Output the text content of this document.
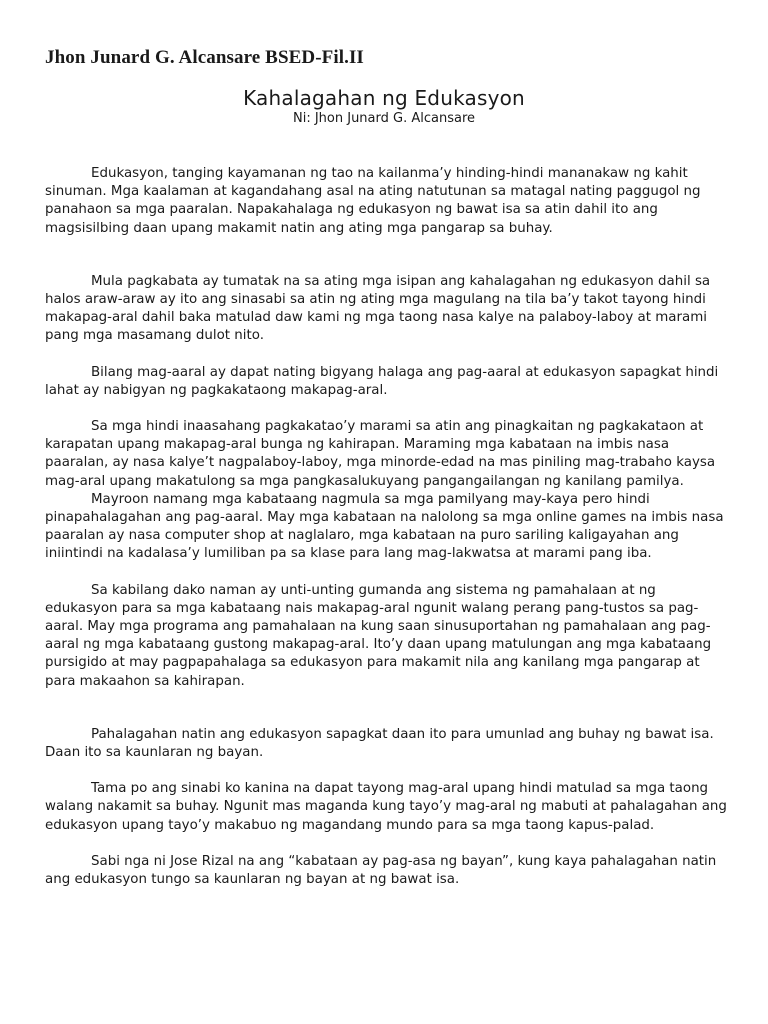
Jhon Junard G. Alcansare BSED-Fil.II
Kahalagahan ng Edukasyon
Ni: Jhon Junard G. Alcansare

Edukasyon, tanging kayamanan ng tao na kailanma’y hinding-hindi mananakaw ng kahit sinuman. Mga kaalaman at kagandahang asal na ating natutunan sa matagal nating paggugol ng panahaon sa mga paaralan. Napakahalaga ng edukasyon ng bawat isa sa atin dahil ito ang magsisilbing daan upang makamit natin ang ating mga pangarap sa buhay.

Mula pagkabata ay tumatak na sa ating mga isipan ang kahalagahan ng edukasyon dahil sa halos araw-araw ay ito ang sinasabi sa atin ng ating mga magulang na tila ba’y takot tayong hindi makapag-aral dahil baka matulad daw kami ng mga taong nasa kalye na palaboy-laboy at marami pang mga masamang dulot nito.

Bilang mag-aaral ay dapat nating bigyang halaga ang pag-aaral at edukasyon sapagkat hindi lahat ay nabigyan ng pagkakataong makapag-aral.

Sa mga hindi inaasahang pagkakatao’y marami sa atin ang pinagkaitan ng pagkakataon at karapatan upang makapag-aral bunga ng kahirapan. Maraming mga kabataan na imbis nasa paaralan, ay nasa kalye’t nagpalaboy-laboy, mga minorde-edad na mas piniling mag-trabaho kaysa mag-aral upang makatulong sa mga pangkasalukuyang pangangailangan ng kanilang pamilya.

Mayroon namang mga kabataang nagmula sa mga pamilyang may-kaya pero hindi pinapahalagahan ang pag-aaral. May mga kabataan na nalolong sa mga online games na imbis nasa paaralan ay nasa computer shop at naglalaro, mga kabataan na puro sariling kaligayahan ang iniintindi na kadalasa’y lumiliban pa sa klase para lang mag-lakwatsa at marami pang iba.

Sa kabilang dako naman ay unti-unting gumanda ang sistema ng pamahalaan at ng edukasyon para sa mga kabataang nais makapag-aral ngunit walang perang pang-tustos sa pag-aaral. May mga programa ang pamahalaan na kung saan sinusuportahan ng pamahalaan ang pag-aaral ng mga kabataang gustong makapag-aral. Ito’y daan upang matulungan ang mga kabataang pursigido at may pagpapahalaga sa edukasyon para makamit nila ang kanilang mga pangarap at para makaahon sa kahirapan.

Pahalagahan natin ang edukasyon sapagkat daan ito para umunlad ang buhay ng bawat isa. Daan ito sa kaunlaran ng bayan.

Tama po ang sinabi ko kanina na dapat tayong mag-aral upang hindi matulad sa mga taong walang nakamit sa buhay. Ngunit mas maganda kung tayo’y mag-aral ng mabuti at pahalagahan ang edukasyon upang tayo’y makabuo ng magandang mundo para sa mga taong kapus-palad.

Sabi nga ni Jose Rizal na ang “kabataan ay pag-asa ng bayan”, kung kaya pahalagahan natin ang edukasyon tungo sa kaunlaran ng bayan at ng bawat isa.
